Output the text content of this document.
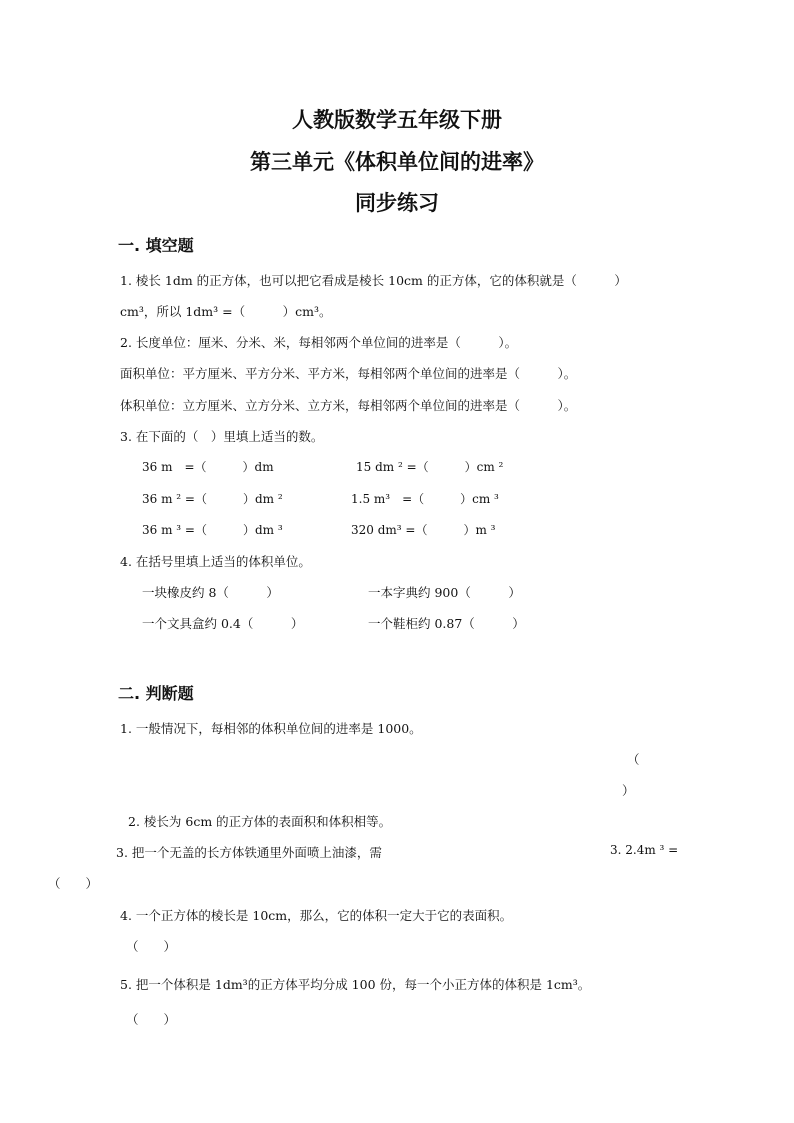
人教版数学五年级下册
第三单元《体积单位间的进率》
同步练习
一. 填空题
1. 棱长 1dm 的正方体，也可以把它看成是棱长 10cm 的正方体，它的体积就是（　　　）
cm³，所以 1dm³ =（　　　）cm³。
2. 长度单位：厘米、分米、米，每相邻两个单位间的进率是（　　　）。
面积单位：平方厘米、平方分米、平方米，每相邻两个单位间的进率是（　　　）。
体积单位：立方厘米、立方分米、立方米，每相邻两个单位间的进率是（　　　）。
3. 在下面的（　）里填上适当的数。
36 m　=（　　　）dm	15 dm ² =（　　　）cm ²
36 m ² =（　　　）dm ²	1.5 m³　=（　　　）cm ³
36 m ³ =（　　　）dm ³	320 dm³ =（　　　）m ³
4. 在括号里填上适当的体积单位。
一块橡皮约 8（　　　）	一本字典约 900（　　　）
一个文具盒约 0.4（　　　）	一个鞋柜约 0.87（　　　）
二. 判断题
1. 一般情况下，每相邻的体积单位间的进率是 1000。
（
）
2. 棱长为 6cm 的正方体的表面积和体积相等。
3. 把一个无盖的长方体铁通里外面喷上油漆，需	3. 2.4m ³ =
（　　）
4. 一个正方体的棱长是 10cm，那么，它的体积一定大于它的表面积。
（　　）
5. 把一个体积是 1dm³的正方体平均分成 100 份，每一个小正方体的体积是 1cm³。
（　　）
